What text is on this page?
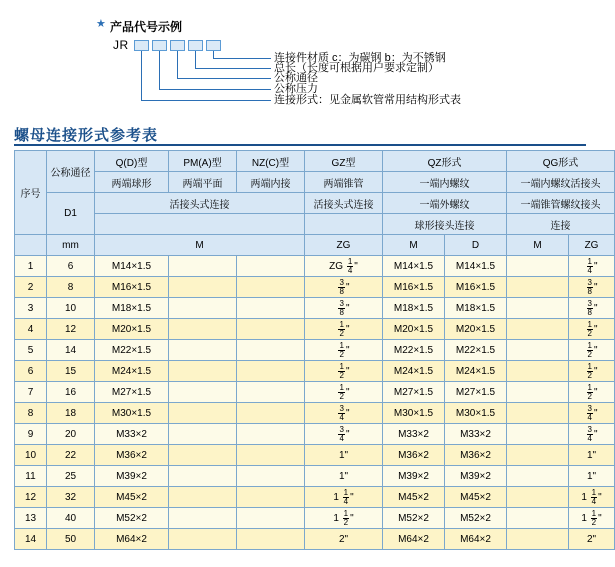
★ 产品代号示例
JR
连接件材质 c：为碳钢 b：为不锈钢
总长（长度可根据用户要求定制）
公称通径
公称压力
连接形式：见金属软管常用结构形式表
螺母连接形式参考表
序号	公称通径	Q(D)型	PM(A)型	NZ(C)型	GZ型	QZ形式		QG形式	
		两端球形	两端平面	两端内接	两端锥管	一端内螺纹		一端内螺纹活接头	
	D1	活接头式连接			活接头式连接	一端外螺纹		一端锥管螺纹接头	
						球形接头连接		连接	
	mm	M			ZG	M	D	M	ZG
1	6	M14×1.5			ZG $\frac{1}{4}$ "	M14×1.5	M14×1.5		$\frac{1}{4}$ "
2	8	M16×1.5			$\frac{3}{8}$ "	M16×1.5	M16×1.5		$\frac{3}{8}$ "
3	10	M18×1.5			$\frac{3}{8}$ "	M18×1.5	M18×1.5		$\frac{3}{8}$ "
4	12	M20×1.5			$\frac{1}{2}$ "	M20×1.5	M20×1.5		$\frac{1}{2}$ "
5	14	M22×1.5			$\frac{1}{2}$ "	M22×1.5	M22×1.5		$\frac{1}{2}$ "
6	15	M24×1.5			$\frac{1}{2}$ "	M24×1.5	M24×1.5		$\frac{1}{2}$ "
7	16	M27×1.5			$\frac{1}{2}$ "	M27×1.5	M27×1.5		$\frac{1}{2}$ "
8	18	M30×1.5			$\frac{3}{4}$ "	M30×1.5	M30×1.5		$\frac{3}{4}$ "
9	20	M33×2			$\frac{3}{4}$ "	M33×2	M33×2		$\frac{3}{4}$ "
10	22	M36×2			1"	M36×2	M36×2		1"
11	25	M39×2			1"	M39×2	M39×2		1"
12	32	M45×2			$1 \frac{1}{4}$ "	M45×2	M45×2		$1 \frac{1}{4}$ "
13	40	M52×2			$1 \frac{1}{2}$ "	M52×2	M52×2		$1 \frac{1}{2}$ "
14	50	M64×2			2"	M64×2	M64×2		2"
